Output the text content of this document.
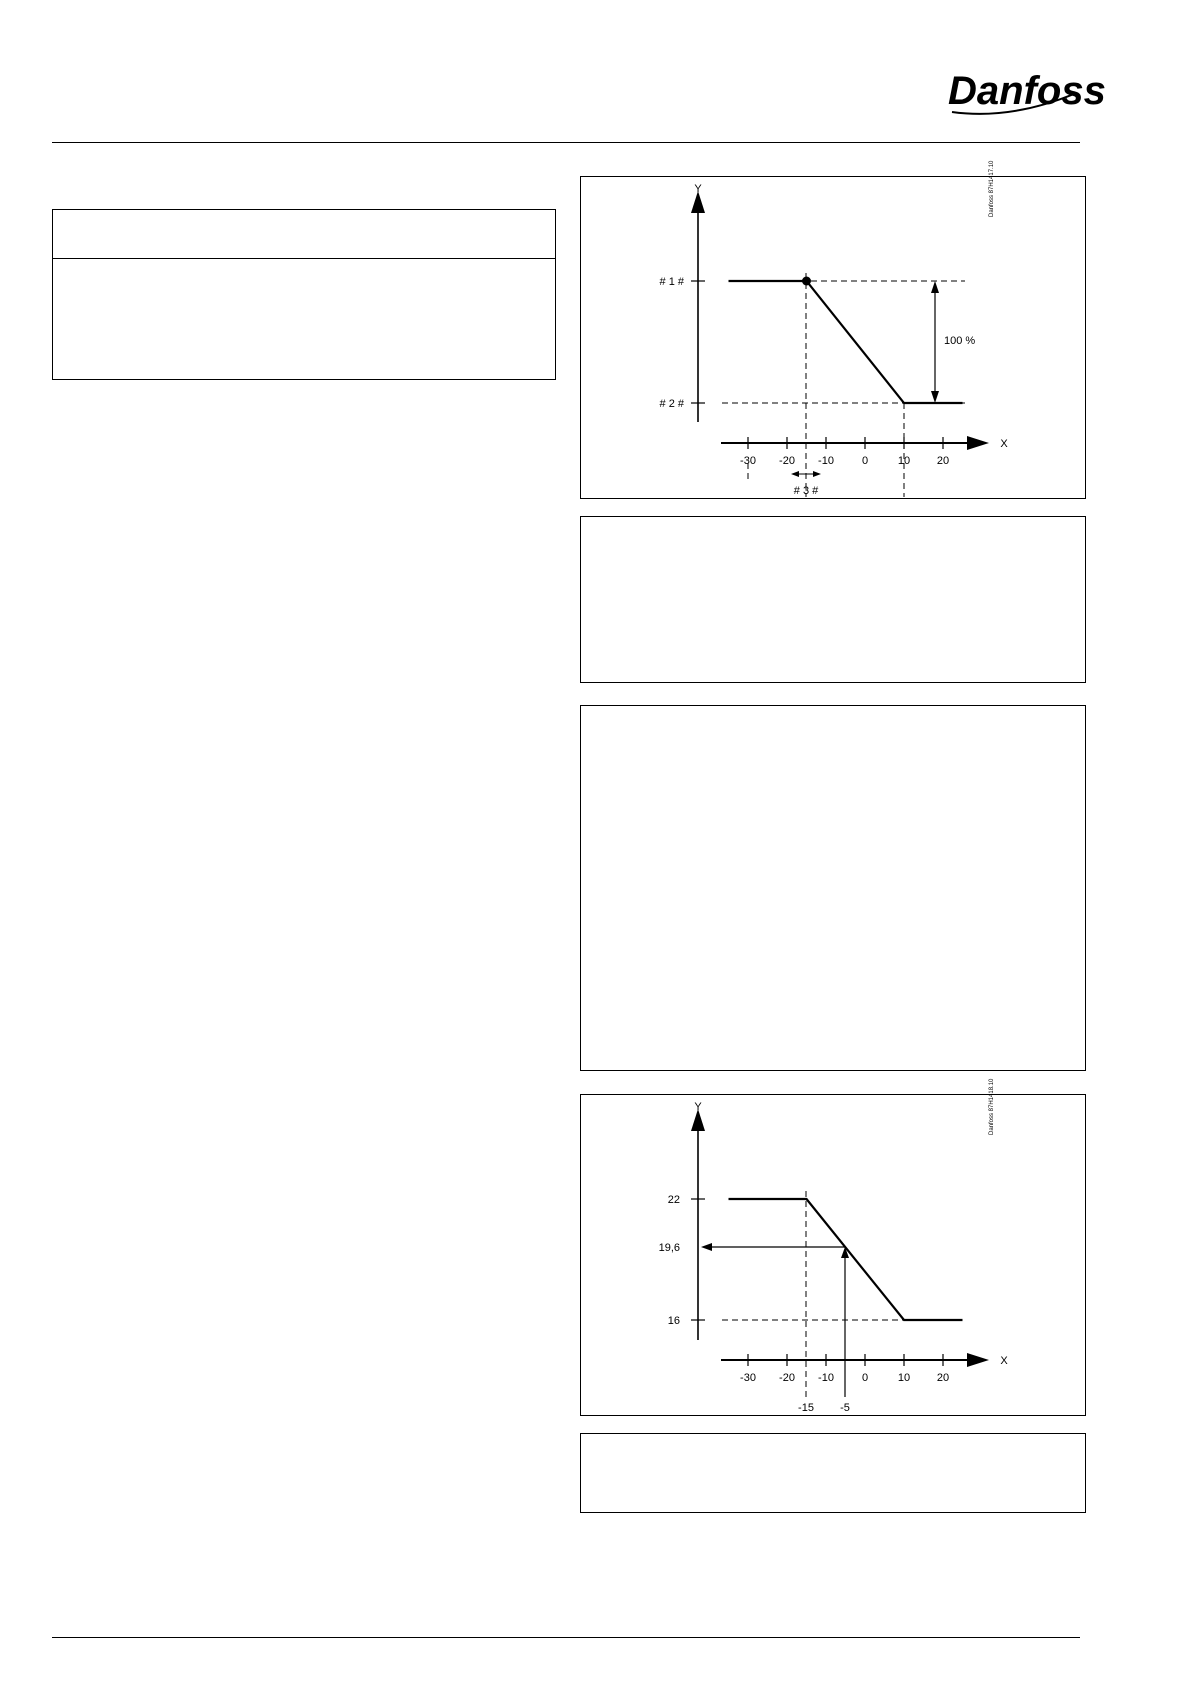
Danfoss
Y
X
# 1 #
# 2 #
-30 -20 -10	0	10 20
100 %
# 3 #
Danfoss 87H1417.10
Y
X
22
19,6
16
-30 -20 -10	0	10 20
-15 -5
Danfoss 87H1418.10
